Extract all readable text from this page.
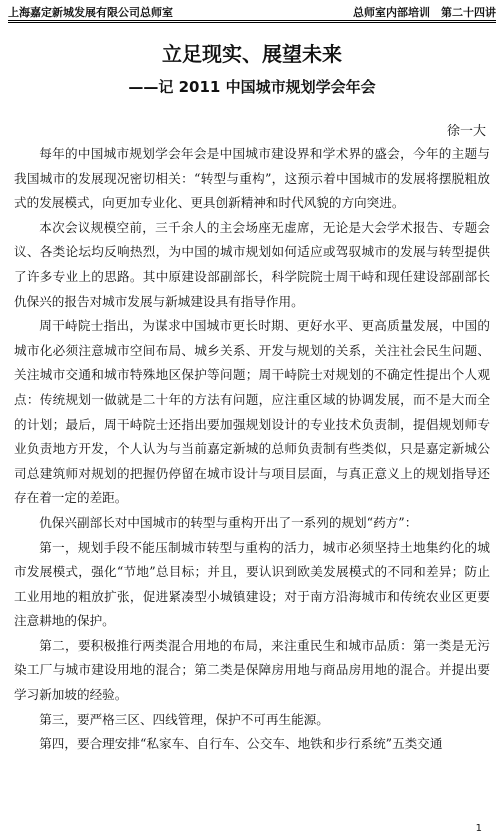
上海嘉定新城发展有限公司总师室	总师室内部培训　第二十四讲
立足现实、展望未来
——记 2011 中国城市规划学会年会
徐一大

每年的中国城市规划学会年会是中国城市建设界和学术界的盛会，今年的主题与我国城市的发展现况密切相关：“转型与重构”，这预示着中国城市的发展将摆脱粗放式的发展模式，向更加专业化、更具创新精神和时代风貌的方向突进。

本次会议规模空前，三千余人的主会场座无虚席，无论是大会学术报告、专题会议、各类论坛均反响热烈，为中国的城市规划如何适应或驾驭城市的发展与转型提供了许多专业上的思路。其中原建设部副部长，科学院院士周干峙和现任建设部副部长仇保兴的报告对城市发展与新城建设具有指导作用。

周干峙院士指出，为谋求中国城市更长时期、更好水平、更高质量发展，中国的城市化必须注意城市空间布局、城乡关系、开发与规划的关系，关注社会民生问题、关注城市交通和城市特殊地区保护等问题；周干峙院士对规划的不确定性提出个人观点：传统规划一做就是二十年的方法有问题，应注重区域的协调发展，而不是大而全的计划；最后，周干峙院士还指出要加强规划设计的专业技术负责制，提倡规划师专业负责地方开发，个人认为与当前嘉定新城的总师负责制有些类似，只是嘉定新城公司总建筑师对规划的把握仍停留在城市设计与项目层面，与真正意义上的规划指导还存在着一定的差距。

仇保兴副部长对中国城市的转型与重构开出了一系列的规划“药方”：

第一，规划手段不能压制城市转型与重构的活力，城市必须坚持土地集约化的城市发展模式，强化“节地”总目标；并且，要认识到欧美发展模式的不同和差异；防止工业用地的粗放扩张，促进紧凑型小城镇建设；对于南方沿海城市和传统农业区更要注意耕地的保护。

第二，要积极推行两类混合用地的布局，来注重民生和城市品质：第一类是无污染工厂与城市建设用地的混合；第二类是保障房用地与商品房用地的混合。并提出要学习新加坡的经验。

第三，要严格三区、四线管理，保护不可再生能源。

第四，要合理安排“私家车、自行车、公交车、地铁和步行系统”五类交通

1
